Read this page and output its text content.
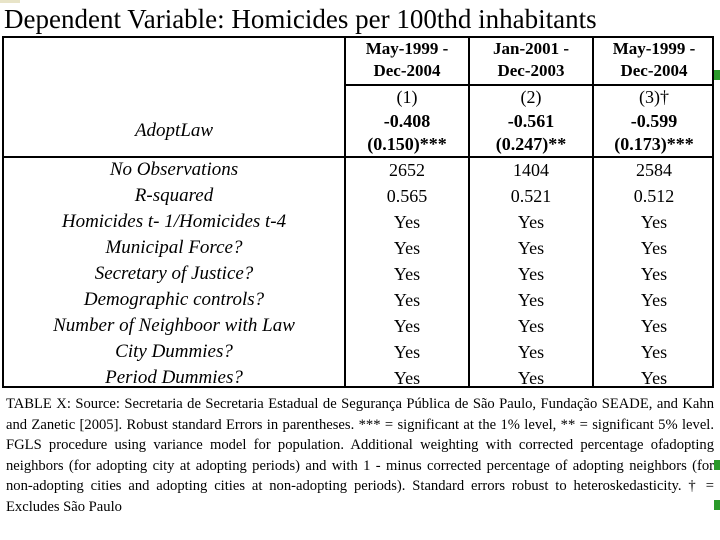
Dependent Variable: Homicides per 100thd inhabitants
May-1999 -
Dec-2004
(1)
-0.408
(0.150)***
Jan-2001 -
Dec-2003
(2)
-0.561
(0.247)**
May-1999 -
Dec-2004
(3)†
-0.599
(0.173)***
AdoptLaw
No Observations
R-squared
Homicides t- 1/Homicides t-4
Municipal Force?
Secretary of Justice?
Demographic controls?
Number of Neighboor with Law
City Dummies?
Period Dummies?
2652
0.565
Yes
Yes
Yes
Yes
Yes
Yes
Yes
1404
0.521
Yes
Yes
Yes
Yes
Yes
Yes
Yes
2584
0.512
Yes
Yes
Yes
Yes
Yes
Yes
Yes
TABLE X: Source: Secretaria de Secretaria Estadual de Segurança Pública de São Paulo, Fundação SEADE, and Kahn and Zanetic [2005]. Robust standard Errors in parentheses. *** = significant at the 1% level, ** = significant 5% level. FGLS procedure using variance model for population. Additional weighting with corrected percentage ofadopting neighbors (for adopting city at adopting periods) and with 1 - minus corrected percentage of adopting neighbors (for non-adopting cities and adopting cities at non-adopting periods). Standard errors robust to heteroskedasticity. † = Excludes São Paulo
